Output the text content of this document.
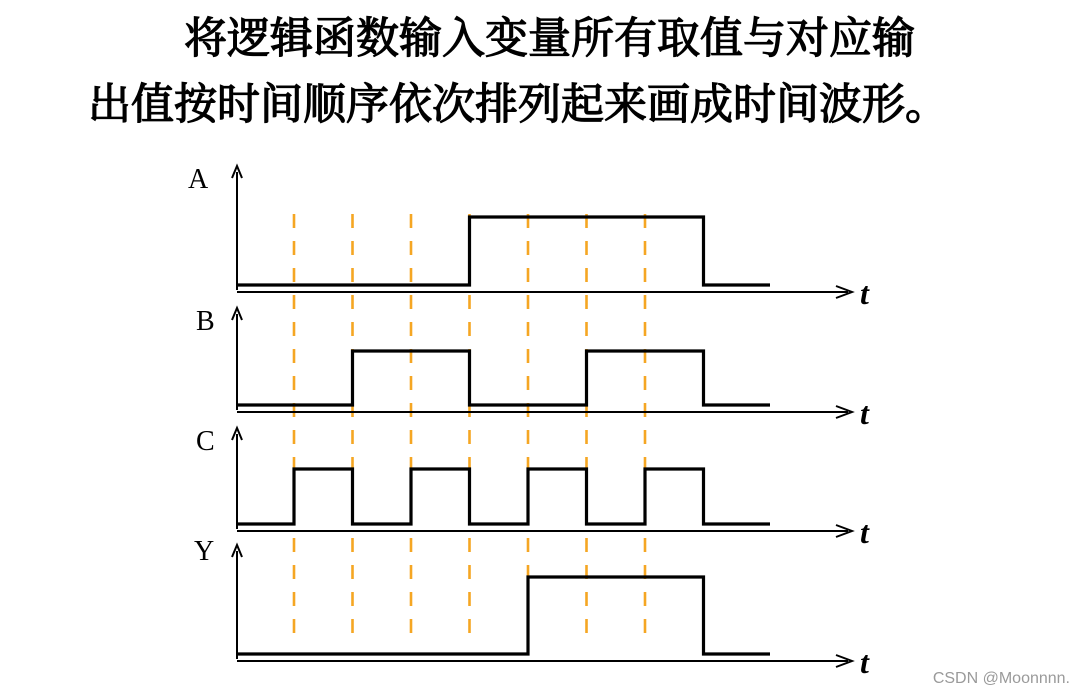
将逻辑函数输入变量所有取值与对应输
出值按时间顺序依次排列起来画成时间波形。
A
t
B
t
C
t
Y
t	CSDN @Moonnnn.
